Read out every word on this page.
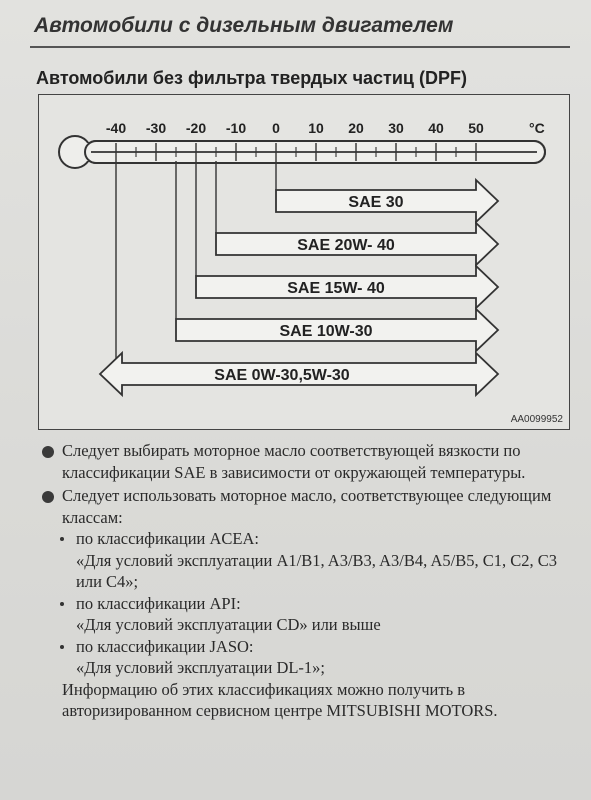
Автомобили с дизельным двигателем
Автомобили без фильтра твердых частиц (DPF)
-40 -30 -20 -10 0 10 20 30 40 50	°C
SAE 30
SAE 20W- 40
SAE 15W- 40
SAE 10W-30
SAE 0W-30,5W-30
AA0099952
Следует выбирать моторное масло соответствующей вязкости по классификации SAE в зависимости от окружающей температуры.
Следует использовать моторное масло, соответствующее следующим классам:
по классификации ACEA:
«Для условий эксплуатации A1/B1, A3/B3, A3/B4, A5/B5, C1, C2, C3 или C4»;
по классификации API:
«Для условий эксплуатации CD» или выше
по классификации JASO:
«Для условий эксплуатации DL-1»;
Информацию об этих классификациях можно получить в авторизированном сервисном центре MITSUBISHI MOTORS.
